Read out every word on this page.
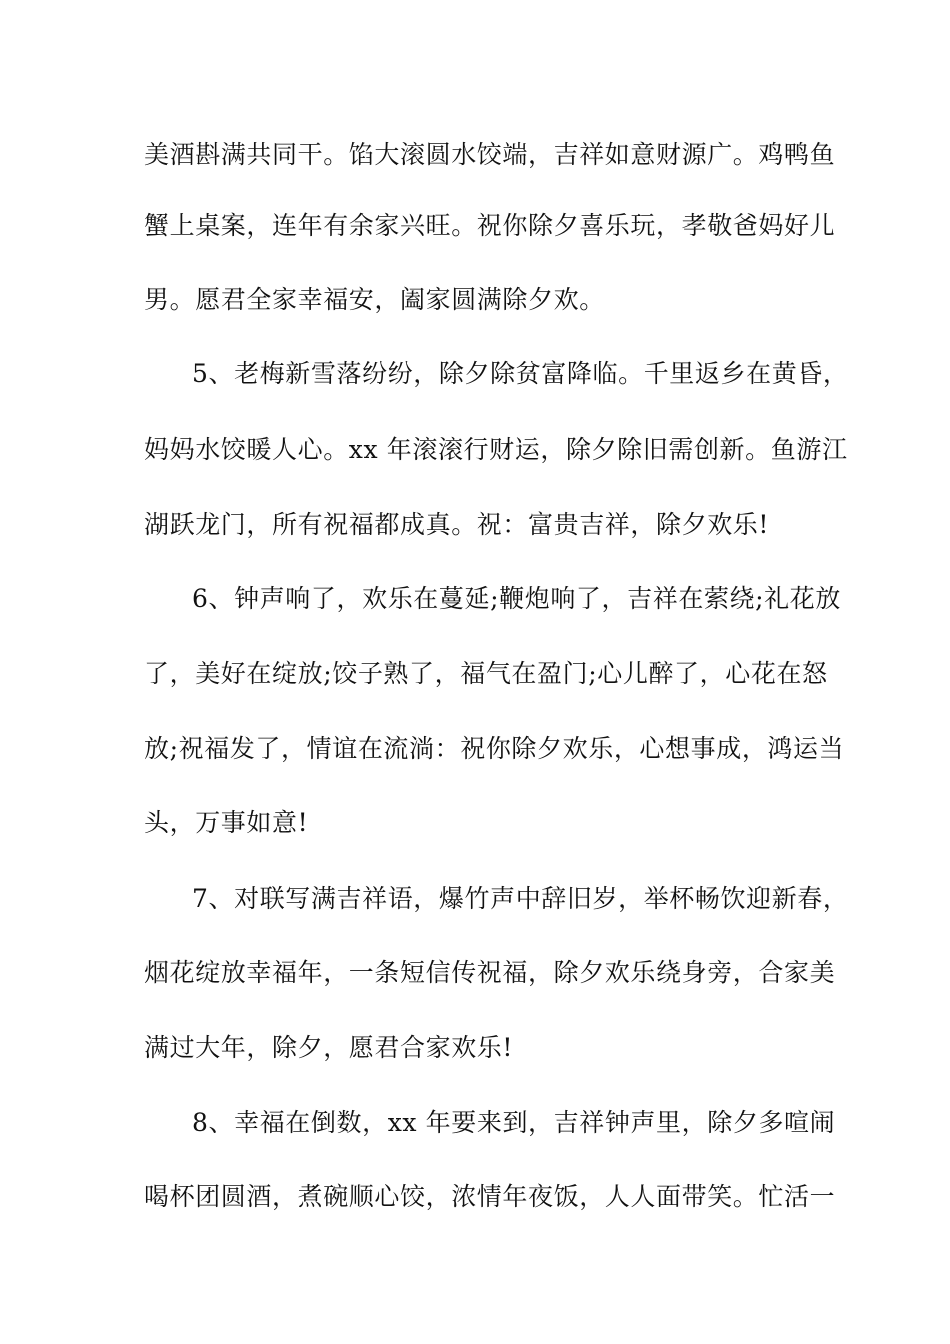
美酒斟满共同干。馅大滚圆水饺端，吉祥如意财源广。鸡鸭鱼
蟹上桌案，连年有余家兴旺。祝你除夕喜乐玩，孝敬爸妈好儿
男。愿君全家幸福安，阖家圆满除夕欢。
5、老梅新雪落纷纷，除夕除贫富降临。千里返乡在黄昏，
妈妈水饺暖人心。xx 年滚滚行财运，除夕除旧需创新。鱼游江
湖跃龙门，所有祝福都成真。祝：富贵吉祥，除夕欢乐!
6、钟声响了，欢乐在蔓延;鞭炮响了，吉祥在萦绕;礼花放
了，美好在绽放;饺子熟了，福气在盈门;心儿醉了，心花在怒
放;祝福发了，情谊在流淌：祝你除夕欢乐，心想事成，鸿运当
头，万事如意!
7、对联写满吉祥语，爆竹声中辞旧岁，举杯畅饮迎新春，
烟花绽放幸福年，一条短信传祝福，除夕欢乐绕身旁，合家美
满过大年，除夕，愿君合家欢乐!
8、幸福在倒数，xx 年要来到，吉祥钟声里，除夕多喧闹
喝杯团圆酒，煮碗顺心饺，浓情年夜饭，人人面带笑。忙活一
